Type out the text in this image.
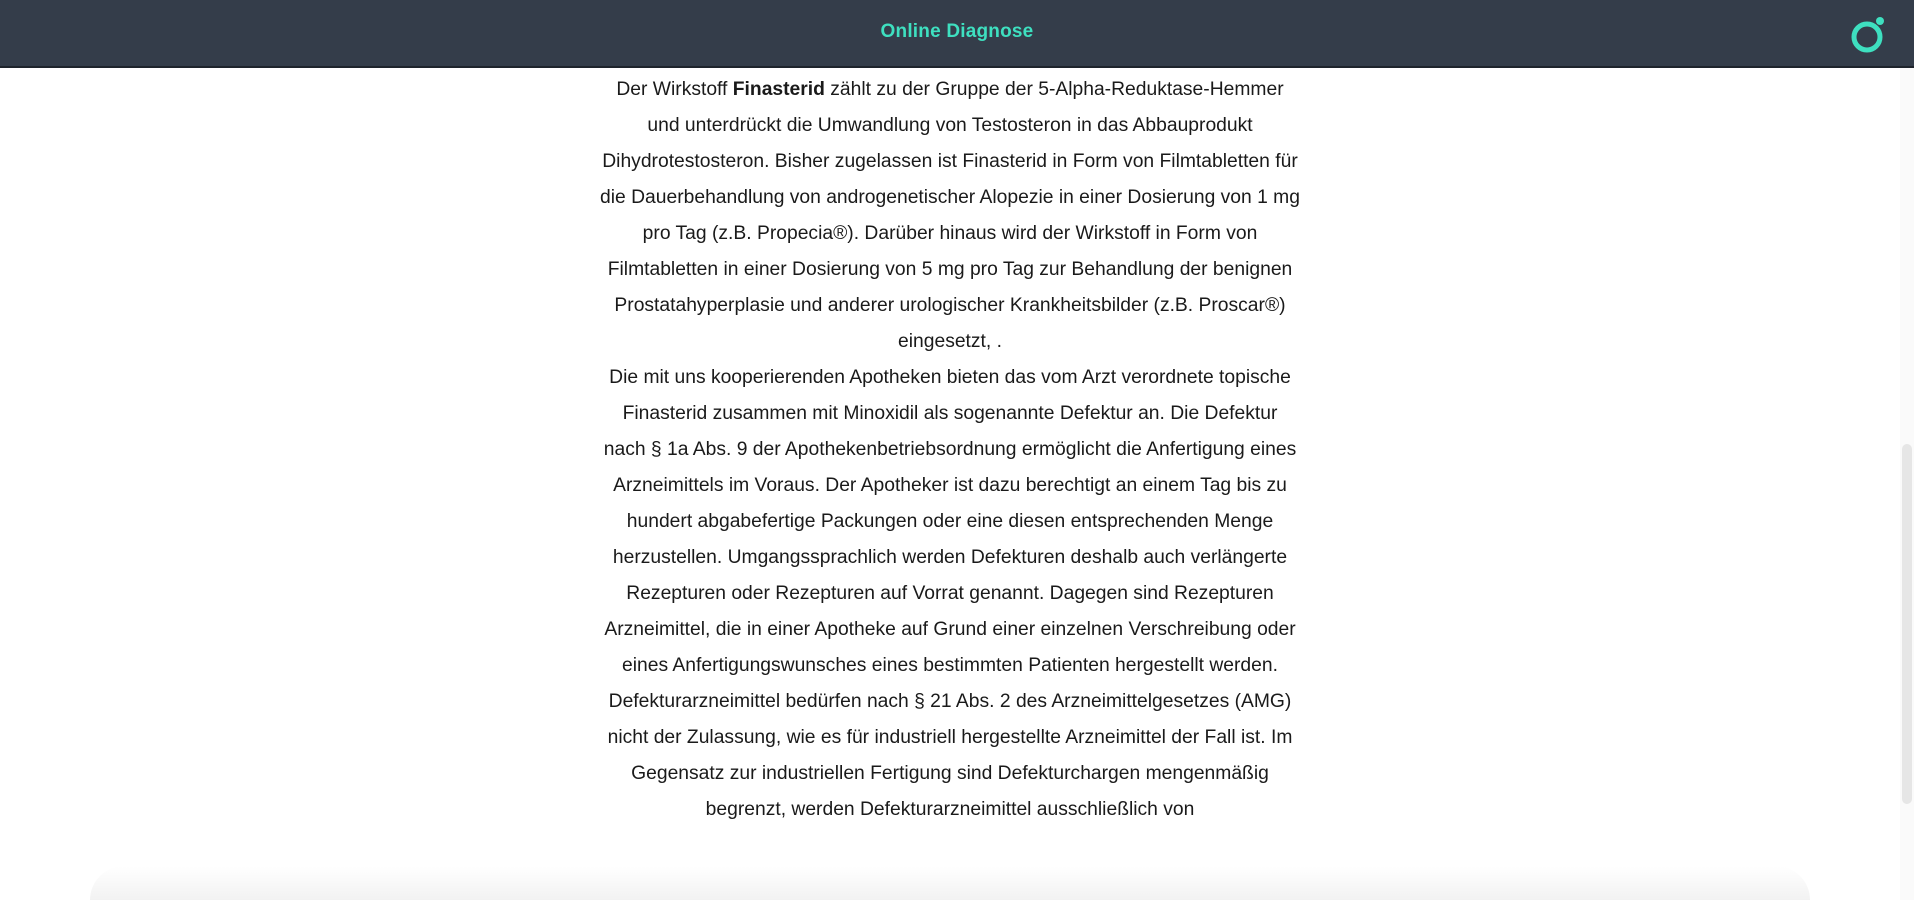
Online Diagnose

Der Wirkstoff Finasterid zählt zu der Gruppe der 5-Alpha-Reduktase-Hemmer und unterdrückt die Umwandlung von Testosteron in das Abbauprodukt Dihydrotestosteron. Bisher zugelassen ist Finasterid in Form von Filmtabletten für die Dauerbehandlung von androgenetischer Alopezie in einer Dosierung von 1 mg pro Tag (z.B. Propecia®). Darüber hinaus wird der Wirkstoff in Form von Filmtabletten in einer Dosierung von 5 mg pro Tag zur Behandlung der benignen Prostatahyperplasie und anderer urologischer Krankheitsbilder (z.B. Proscar®) eingesetzt, .

Die mit uns kooperierenden Apotheken bieten das vom Arzt verordnete topische Finasterid zusammen mit Minoxidil als sogenannte Defektur an. Die Defektur nach § 1a Abs. 9 der Apothekenbetriebsordnung ermöglicht die Anfertigung eines Arzneimittels im Voraus. Der Apotheker ist dazu berechtigt an einem Tag bis zu hundert abgabefertige Packungen oder eine diesen entsprechenden Menge herzustellen. Umgangssprachlich werden Defekturen deshalb auch verlängerte Rezepturen oder Rezepturen auf Vorrat genannt. Dagegen sind Rezepturen Arzneimittel, die in einer Apotheke auf Grund einer einzelnen Verschreibung oder eines Anfertigungswunsches eines bestimmten Patienten hergestellt werden.

Defekturarzneimittel bedürfen nach § 21 Abs. 2 des Arzneimittelgesetzes (AMG) nicht der Zulassung, wie es für industriell hergestellte Arzneimittel der Fall ist. Im Gegensatz zur industriellen Fertigung sind Defekturchargen mengenmäßig begrenzt, werden Defekturarzneimittel ausschließlich von
